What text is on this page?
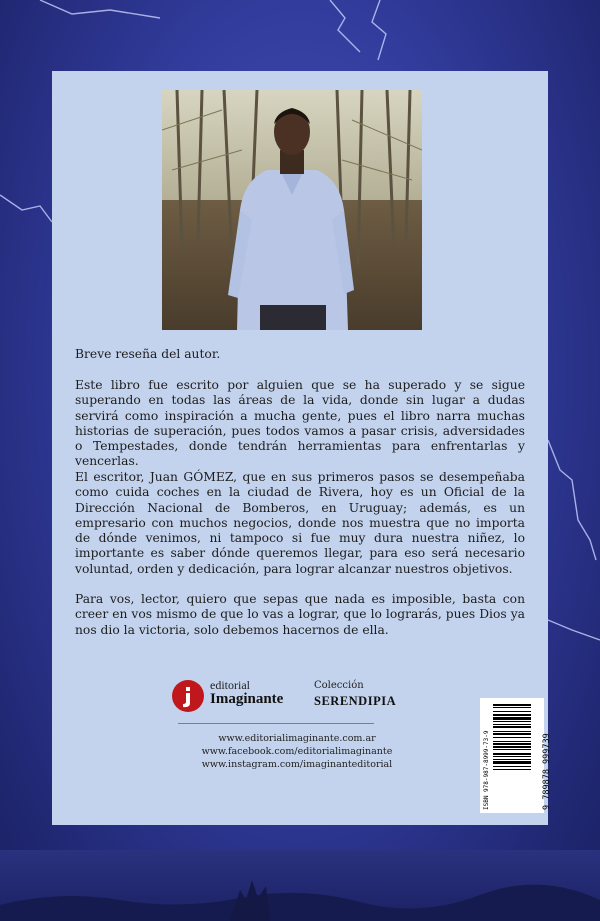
Breve reseña del autor.

Este libro fue escrito por alguien que se ha superado y se sigue superando en todas las áreas de la vida, donde sin lugar a dudas servirá como inspiración a mucha gente, pues el libro narra muchas historias de superación, pues todos vamos a pasar crisis, adversidades o Tempestades, donde tendrán herramientas para enfrentarlas y vencerlas.

El escritor, Juan GÓMEZ, que en sus primeros pasos se desempeñaba como cuida coches en la ciudad de Rivera, hoy es un Oficial de la Dirección Nacional de Bomberos, en Uruguay; además, es un empresario con muchos negocios, donde nos muestra que no importa de dónde venimos, ni tampoco si fue muy dura nuestra niñez, lo importante es saber dónde queremos llegar, para eso será necesario voluntad, orden y dedicación, para lograr alcanzar nuestros objetivos.

Para vos, lector, quiero que sepas que nada es imposible, basta con creer en vos mismo de que lo vas a lograr, que lo lograrás, pues Dios ya nos dio la victoria, solo debemos hacernos de ella.

editorial
Imaginante
Colección
SERENDIPIA
www.editorialimaginante.com.ar
www.facebook.com/editorialimaginante
www.instagram.com/imaginanteditorial	ISBN 978-987-8999-73-9	9 789878 999739
